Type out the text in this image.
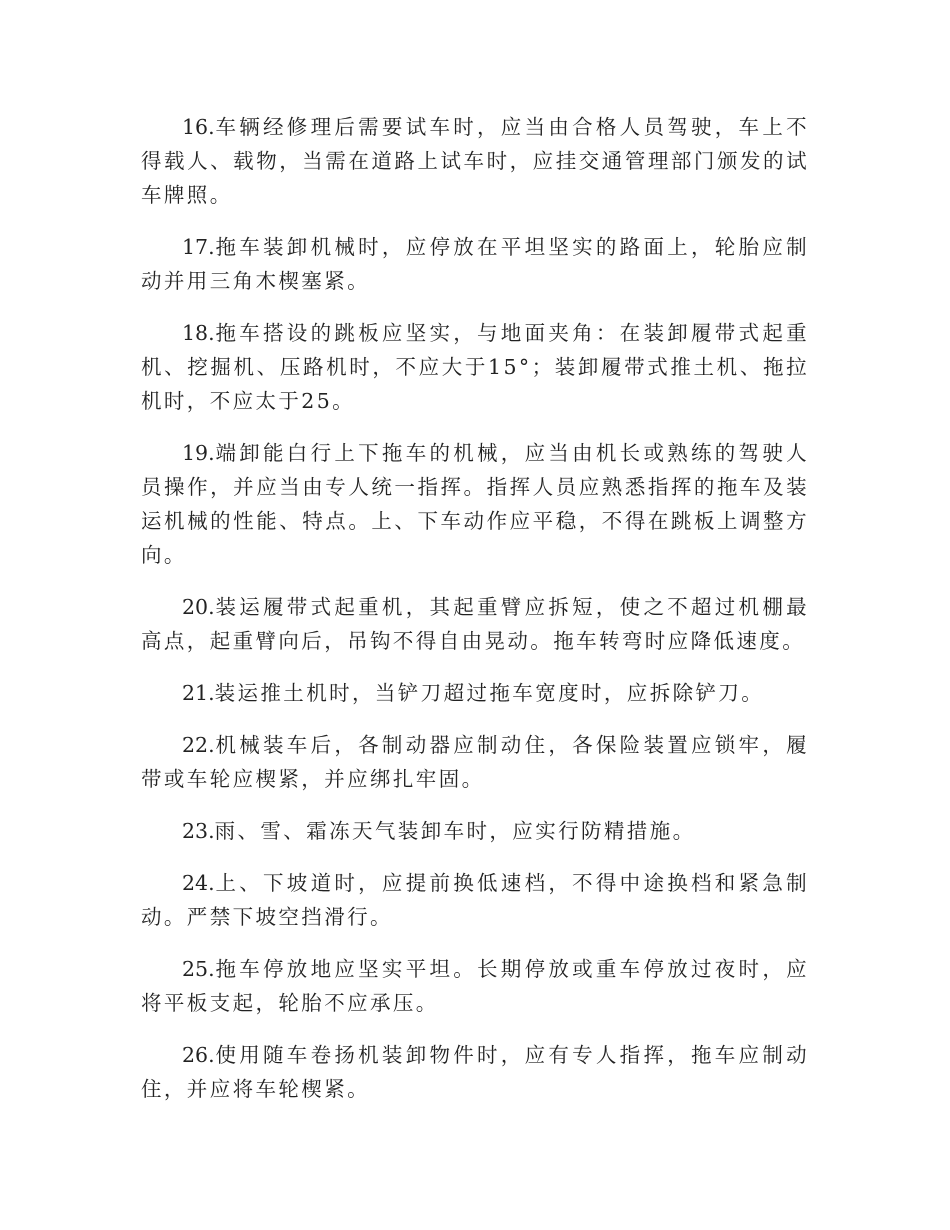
16.车辆经修理后需要试车时，应当由合格人员驾驶，车上不得载人、载物，当需在道路上试车时，应挂交通管理部门颁发的试车牌照。

17.拖车装卸机械时，应停放在平坦坚实的路面上，轮胎应制动并用三角木楔塞紧。

18.拖车搭设的跳板应坚实，与地面夹角：在装卸履带式起重机、挖掘机、压路机时，不应大于15°；装卸履带式推土机、拖拉机时，不应太于25。

19.端卸能白行上下拖车的机械，应当由机长或熟练的驾驶人员操作，并应当由专人统一指挥。指挥人员应熟悉指挥的拖车及装运机械的性能、特点。上、下车动作应平稳，不得在跳板上调整方向。

20.装运履带式起重机，其起重臂应拆短，使之不超过机棚最高点，起重臂向后，吊钩不得自由晃动。拖车转弯时应降低速度。

21.装运推土机时，当铲刀超过拖车宽度时，应拆除铲刀。

22.机械装车后，各制动器应制动住，各保险装置应锁牢，履带或车轮应楔紧，并应绑扎牢固。

23.雨、雪、霜冻天气装卸车时，应实行防精措施。

24.上、下坡道时，应提前换低速档，不得中途换档和紧急制动。严禁下坡空挡滑行。

25.拖车停放地应坚实平坦。长期停放或重车停放过夜时，应将平板支起，轮胎不应承压。

26.使用随车卷扬机装卸物件时，应有专人指挥，拖车应制动住，并应将车轮楔紧。
